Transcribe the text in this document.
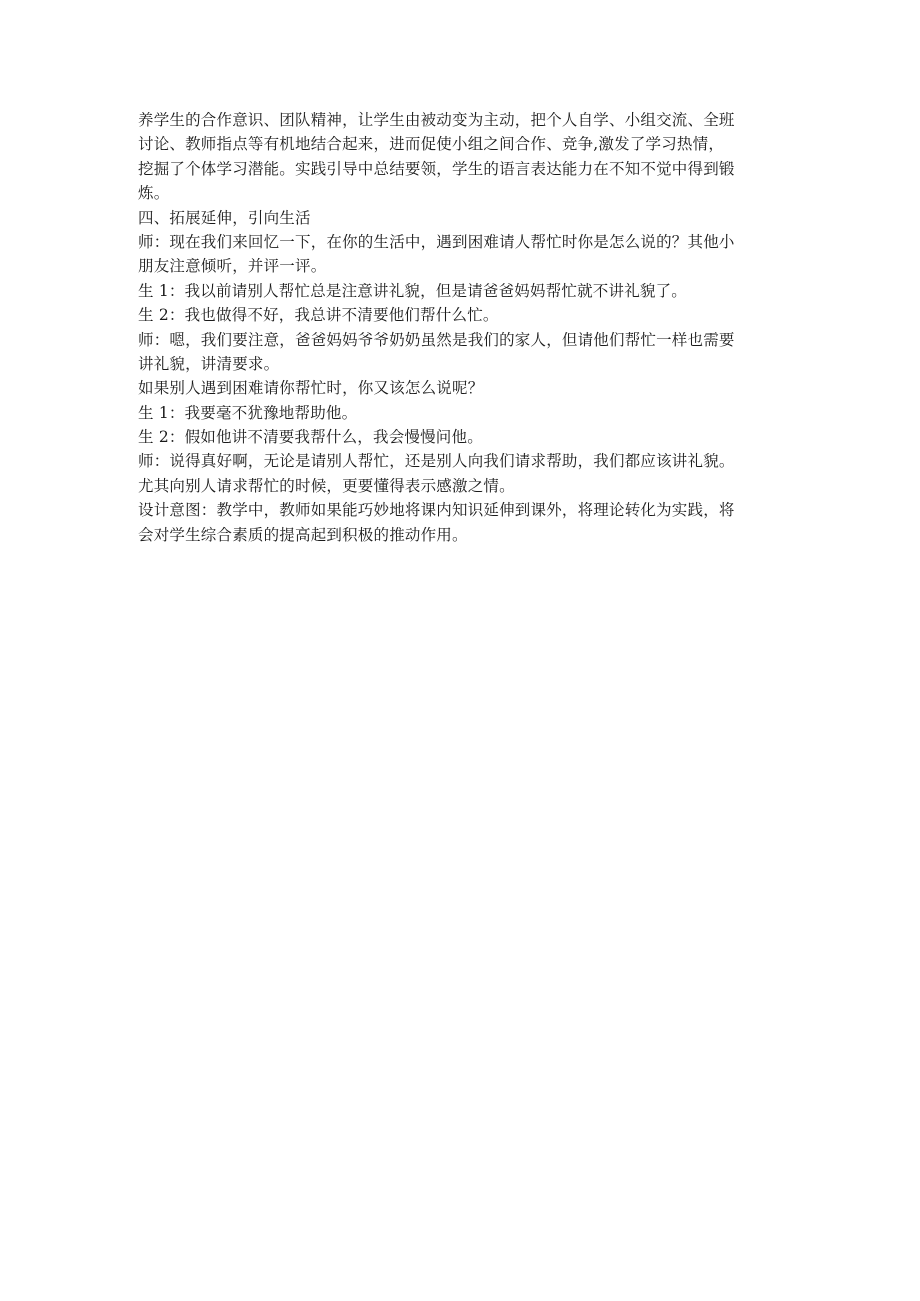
养学生的合作意识、团队精神，让学生由被动变为主动，把个人自学、小组交流、全班
讨论、教师指点等有机地结合起来，进而促使小组之间合作、竞争,激发了学习热情，
挖掘了个体学习潜能。实践引导中总结要领，学生的语言表达能力在不知不觉中得到锻
炼。
四、拓展延伸，引向生活
师：现在我们来回忆一下，在你的生活中，遇到困难请人帮忙时你是怎么说的？其他小
朋友注意倾听，并评一评。
生 1：我以前请别人帮忙总是注意讲礼貌，但是请爸爸妈妈帮忙就不讲礼貌了。
生 2：我也做得不好，我总讲不清要他们帮什么忙。
师：嗯，我们要注意，爸爸妈妈爷爷奶奶虽然是我们的家人，但请他们帮忙一样也需要
讲礼貌，讲清要求。
如果别人遇到困难请你帮忙时，你又该怎么说呢？
生 1：我要毫不犹豫地帮助他。
生 2：假如他讲不清要我帮什么，我会慢慢问他。
师：说得真好啊，无论是请别人帮忙，还是别人向我们请求帮助，我们都应该讲礼貌。
尤其向别人请求帮忙的时候，更要懂得表示感激之情。
设计意图：教学中，教师如果能巧妙地将课内知识延伸到课外，将理论转化为实践，将
会对学生综合素质的提高起到积极的推动作用。
